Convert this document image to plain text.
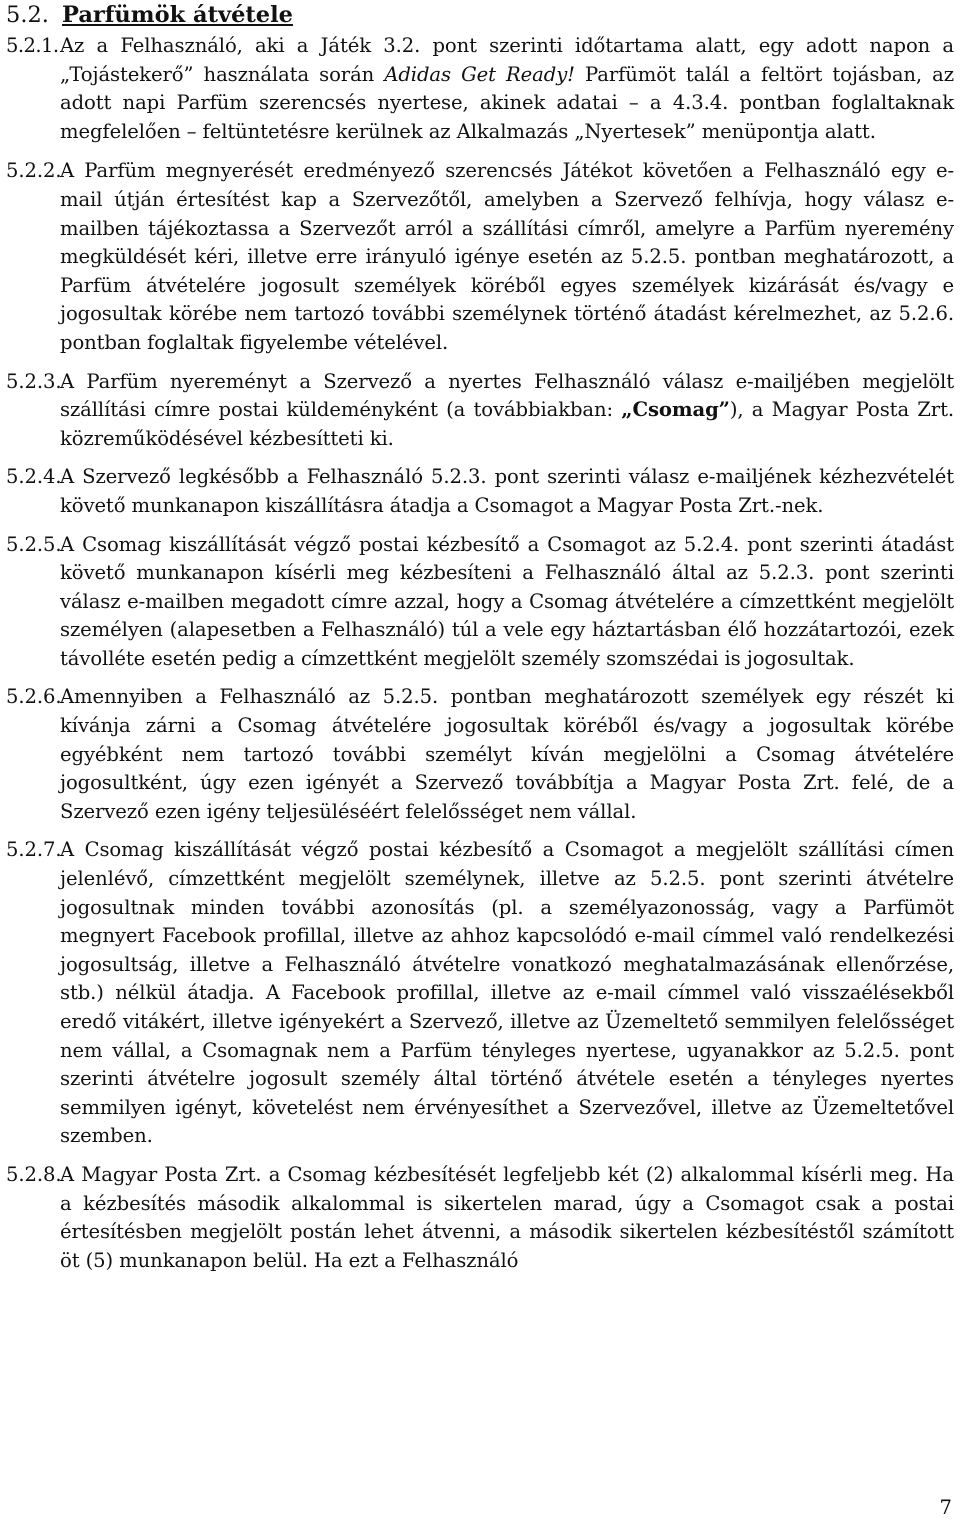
5.2. Parfümök átvétele
5.2.1. Az a Felhasználó, aki a Játék 3.2. pont szerinti időtartama alatt, egy adott napon a „Tojástekerő” használata során Adidas Get Ready! Parfümöt talál a feltört tojásban, az adott napi Parfüm szerencsés nyertese, akinek adatai – a 4.3.4. pontban foglaltaknak megfelelően – feltüntetésre kerülnek az Alkalmazás „Nyertesek” menüpontja alatt.

5.2.2.

A Parfüm megnyerését eredményező szerencsés Játékot követően a Felhasználó egy e-mail útján értesítést kap a Szervezőtől, amelyben a Szervező felhívja, hogy válasz e-mailben tájékoztassa a Szervezőt arról a szállítási címről, amelyre a Parfüm nyeremény megküldését kéri, illetve erre irányuló igénye esetén az 5.2.5. pontban meghatározott, a Parfüm átvételére jogosult személyek köréből egyes személyek kizárását és/vagy e jogosultak körébe nem tartozó további személynek történő átadást kérelmezhet, az 5.2.6. pontban foglaltak figyelembe vételével.

5.2.3.

A Parfüm nyereményt a Szervező a nyertes Felhasználó válasz e-mailjében megjelölt szállítási címre postai küldeményként (a továbbiakban: „Csomag”), a Magyar Posta Zrt. közreműködésével kézbesítteti ki.

5.2.4.

A Szervező legkésőbb a Felhasználó 5.2.3. pont szerinti válasz e-mailjének kézhezvételét követő munkanapon kiszállításra átadja a Csomagot a Magyar Posta Zrt.-nek.

5.2.5.

A Csomag kiszállítását végző postai kézbesítő a Csomagot az 5.2.4. pont szerinti átadást követő munkanapon kísérli meg kézbesíteni a Felhasználó által az 5.2.3. pont szerinti válasz e-mailben megadott címre azzal, hogy a Csomag átvételére a címzettként megjelölt személyen (alapesetben a Felhasználó) túl a vele egy háztartásban élő hozzátartozói, ezek távolléte esetén pedig a címzettként megjelölt személy szomszédai is jogosultak.

5.2.6.

Amennyiben a Felhasználó az 5.2.5. pontban meghatározott személyek egy részét ki kívánja zárni a Csomag átvételére jogosultak köréből és/vagy a jogosultak körébe egyébként nem tartozó további személyt kíván megjelölni a Csomag átvételére jogosultként, úgy ezen igényét a Szervező továbbítja a Magyar Posta Zrt. felé, de a Szervező ezen igény teljesüléséért felelősséget nem vállal.

5.2.7.

A Csomag kiszállítását végző postai kézbesítő a Csomagot a megjelölt szállítási címen jelenlévő, címzettként megjelölt személynek, illetve az 5.2.5. pont szerinti átvételre jogosultnak minden további azonosítás (pl. a személyazonosság, vagy a Parfümöt megnyert Facebook profillal, illetve az ahhoz kapcsolódó e-mail címmel való rendelkezési jogosultság, illetve a Felhasználó átvételre vonatkozó meghatalmazásának ellenőrzése, stb.) nélkül átadja. A Facebook profillal, illetve az e-mail címmel való visszaélésekből eredő vitákért, illetve igényekért a Szervező, illetve az Üzemeltető semmilyen felelősséget nem vállal, a Csomagnak nem a Parfüm tényleges nyertese, ugyanakkor az 5.2.5. pont szerinti átvételre jogosult személy által történő átvétele esetén a tényleges nyertes semmilyen igényt, követelést nem érvényesíthet a Szervezővel, illetve az Üzemeltetővel szemben.

5.2.8.

A Magyar Posta Zrt. a Csomag kézbesítését legfeljebb két (2) alkalommal kísérli meg. Ha a kézbesítés második alkalommal is sikertelen marad, úgy a Csomagot csak a postai értesítésben megjelölt postán lehet átvenni, a második sikertelen kézbesítéstől számított öt (5) munkanapon belül. Ha ezt a Felhasználó

7
